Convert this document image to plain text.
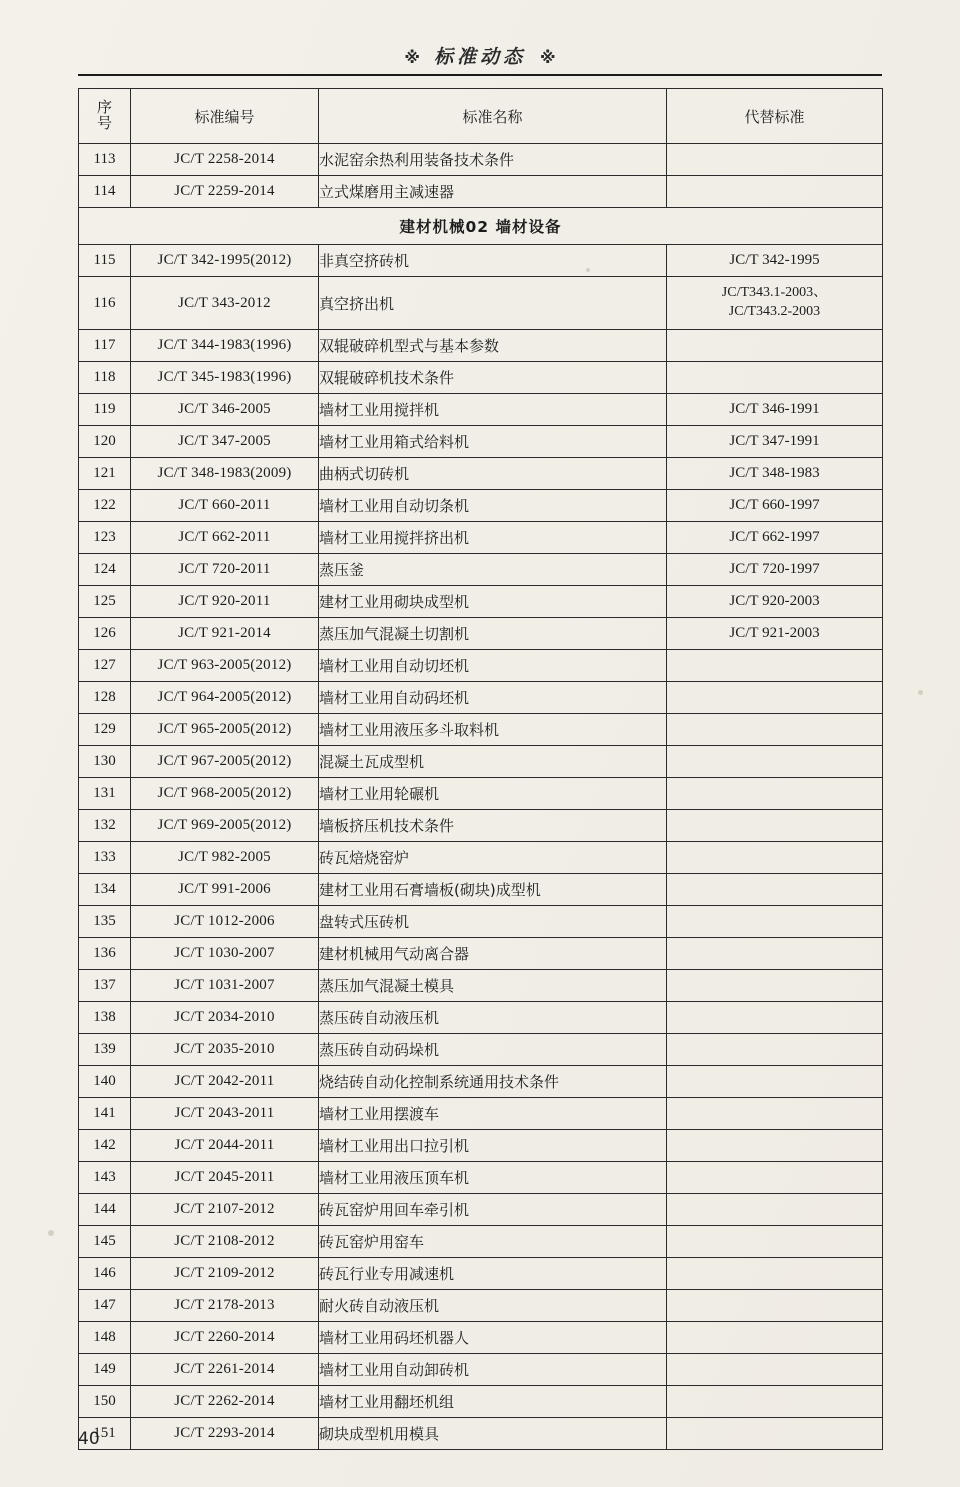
※ 标准动态 ※
序
号	标准编号	标准名称	代替标准
113	JC/T 2258-2014	水泥窑余热利用装备技术条件	
114	JC/T 2259-2014	立式煤磨用主减速器	
建材机械02 墙材设备			
115	JC/T 342-1995(2012)	非真空挤砖机	JC/T 342-1995
116	JC/T 343-2012	真空挤出机	JC/T343.1-2003、
JC/T343.2-2003

117	JC/T 344-1983(1996)	双辊破碎机型式与基本参数	
118	JC/T 345-1983(1996)	双辊破碎机技术条件	
119	JC/T 346-2005	墙材工业用搅拌机	JC/T 346-1991
120	JC/T 347-2005	墙材工业用箱式给料机	JC/T 347-1991
121	JC/T 348-1983(2009)	曲柄式切砖机	JC/T 348-1983
122	JC/T 660-2011	墙材工业用自动切条机	JC/T 660-1997
123	JC/T 662-2011	墙材工业用搅拌挤出机	JC/T 662-1997
124	JC/T 720-2011	蒸压釜	JC/T 720-1997
125	JC/T 920-2011	建材工业用砌块成型机	JC/T 920-2003
126	JC/T 921-2014	蒸压加气混凝土切割机	JC/T 921-2003
127	JC/T 963-2005(2012)	墙材工业用自动切坯机	
128	JC/T 964-2005(2012)	墙材工业用自动码坯机	
129	JC/T 965-2005(2012)	墙材工业用液压多斗取料机	
130	JC/T 967-2005(2012)	混凝土瓦成型机	
131	JC/T 968-2005(2012)	墙材工业用轮碾机	
132	JC/T 969-2005(2012)	墙板挤压机技术条件	
133	JC/T 982-2005	砖瓦焙烧窑炉	
134	JC/T 991-2006	建材工业用石膏墙板(砌块)成型机	
135	JC/T 1012-2006	盘转式压砖机	
136	JC/T 1030-2007	建材机械用气动离合器	
137	JC/T 1031-2007	蒸压加气混凝土模具	
138	JC/T 2034-2010	蒸压砖自动液压机	
139	JC/T 2035-2010	蒸压砖自动码垛机	
140	JC/T 2042-2011	烧结砖自动化控制系统通用技术条件	
141	JC/T 2043-2011	墙材工业用摆渡车	
142	JC/T 2044-2011	墙材工业用出口拉引机	
143	JC/T 2045-2011	墙材工业用液压顶车机	
144	JC/T 2107-2012	砖瓦窑炉用回车牵引机	
145	JC/T 2108-2012	砖瓦窑炉用窑车	
146	JC/T 2109-2012	砖瓦行业专用减速机	
147	JC/T 2178-2013	耐火砖自动液压机	
148	JC/T 2260-2014	墙材工业用码坯机器人	
149	JC/T 2261-2014	墙材工业用自动卸砖机	
150	JC/T 2262-2014	墙材工业用翻坯机组	
151	JC/T 2293-2014	砌块成型机用模具	
40
